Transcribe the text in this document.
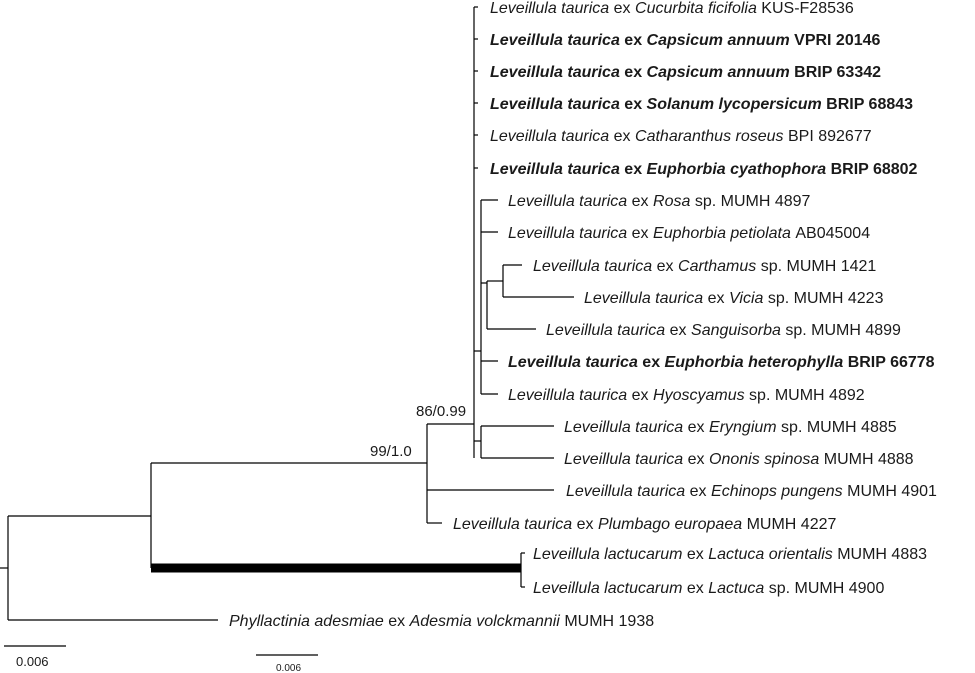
Leveillula taurica ex Cucurbita ficifolia KUS-F28536
Leveillula taurica ex Capsicum annuum VPRI 20146
Leveillula taurica ex Capsicum annuum BRIP 63342
Leveillula taurica ex Solanum lycopersicum BRIP 68843
Leveillula taurica ex Catharanthus roseus BPI 892677
Leveillula taurica ex Euphorbia cyathophora BRIP 68802
Leveillula taurica ex Rosa sp. MUMH 4897
Leveillula taurica ex Euphorbia petiolata AB045004
Leveillula taurica ex Carthamus sp. MUMH 1421
Leveillula taurica ex Vicia sp. MUMH 4223
Leveillula taurica ex Sanguisorba sp. MUMH 4899
Leveillula taurica ex Euphorbia heterophylla BRIP 66778
Leveillula taurica ex Hyoscyamus sp. MUMH 4892
Leveillula taurica ex Eryngium sp. MUMH 4885
Leveillula taurica ex Ononis spinosa MUMH 4888
Leveillula taurica ex Echinops pungens MUMH 4901
Leveillula taurica ex Plumbago europaea MUMH 4227
Leveillula lactucarum ex Lactuca orientalis MUMH 4883
Leveillula lactucarum ex Lactuca sp. MUMH 4900
Phyllactinia adesmiae ex Adesmia volckmannii MUMH 1938
86/0.99
99/1.0
0.006	0.006
